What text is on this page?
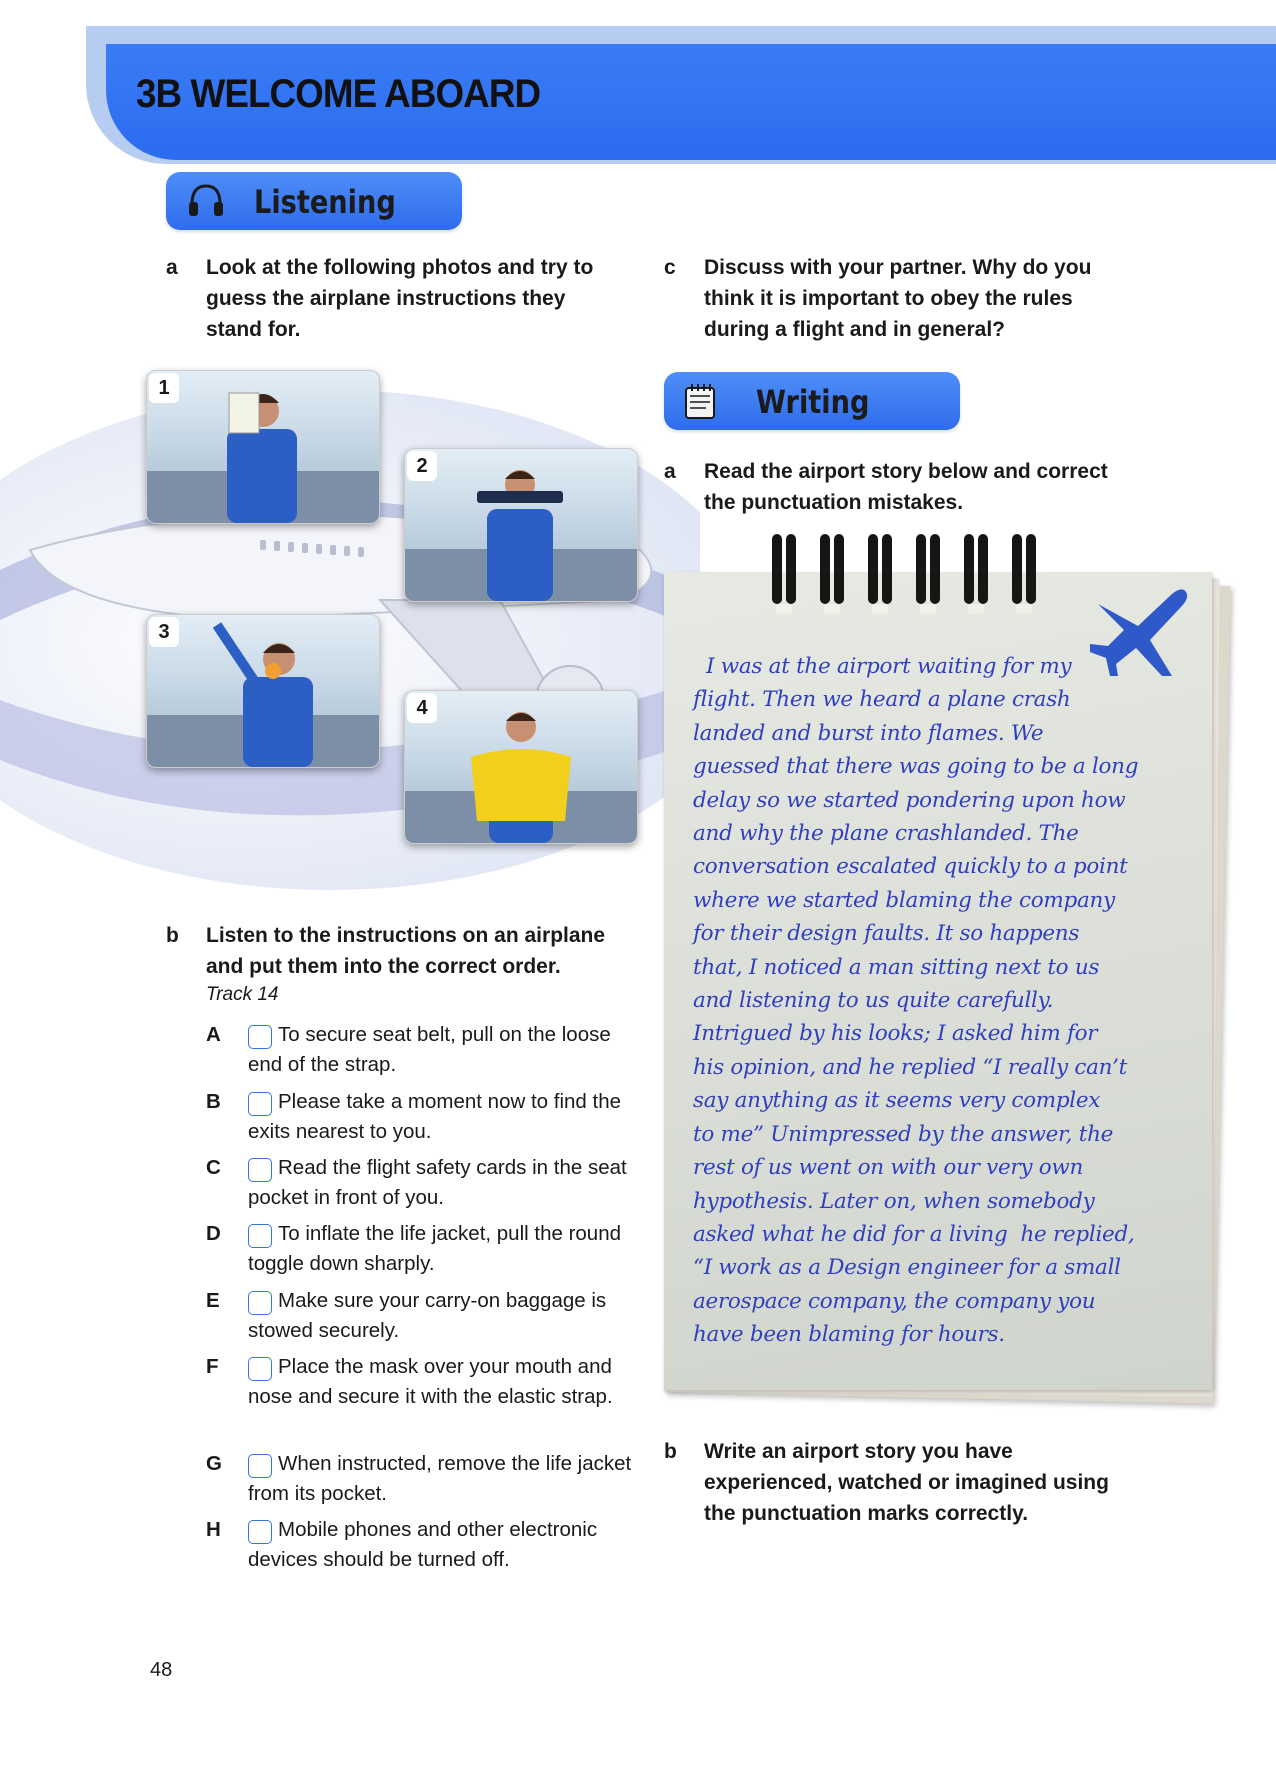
3B WELCOME ABOARD
Listening
a Look at the following photos and try to guess the airplane instructions they stand for.
c Discuss with your partner. Why do you think it is important to obey the rules during a flight and in general?
1
2
3
4
b Listen to the instructions on an airplane and put them into the correct order.
Track 14
A	To secure seat belt, pull on the loose end of the strap.
B	Please take a moment now to find the exits nearest to you.
C	Read the flight safety cards in the seat pocket in front of you.
D	To inflate the life jacket, pull the round toggle down sharply.
E	Make sure your carry-on baggage is stowed securely.
F	Place the mask over your mouth and nose and secure it with the elastic strap.
G	When instructed, remove the life jacket from its pocket.
H	Mobile phones and other electronic devices should be turned off.
Writing
a Read the airport story below and correct the punctuation mistakes.
I was at the airport waiting for my
flight. Then we heard a plane crash
landed and burst into flames. We
guessed that there was going to be a long
delay so we started pondering upon how
and why the plane crashlanded. The
conversation escalated quickly to a point
where we started blaming the company
for their design faults. It so happens
that, I noticed a man sitting next to us
and listening to us quite carefully.
Intrigued by his looks; I asked him for
his opinion, and he replied “I really can’t
say anything as it seems very complex
to me” Unimpressed by the answer, the
rest of us went on with our very own
hypothesis. Later on, when somebody
asked what he did for a living  he replied,
“I work as a Design engineer for a small
aerospace company, the company you
have been blaming for hours.
b Write an airport story you have experienced, watched or imagined using the punctuation marks correctly.
48
